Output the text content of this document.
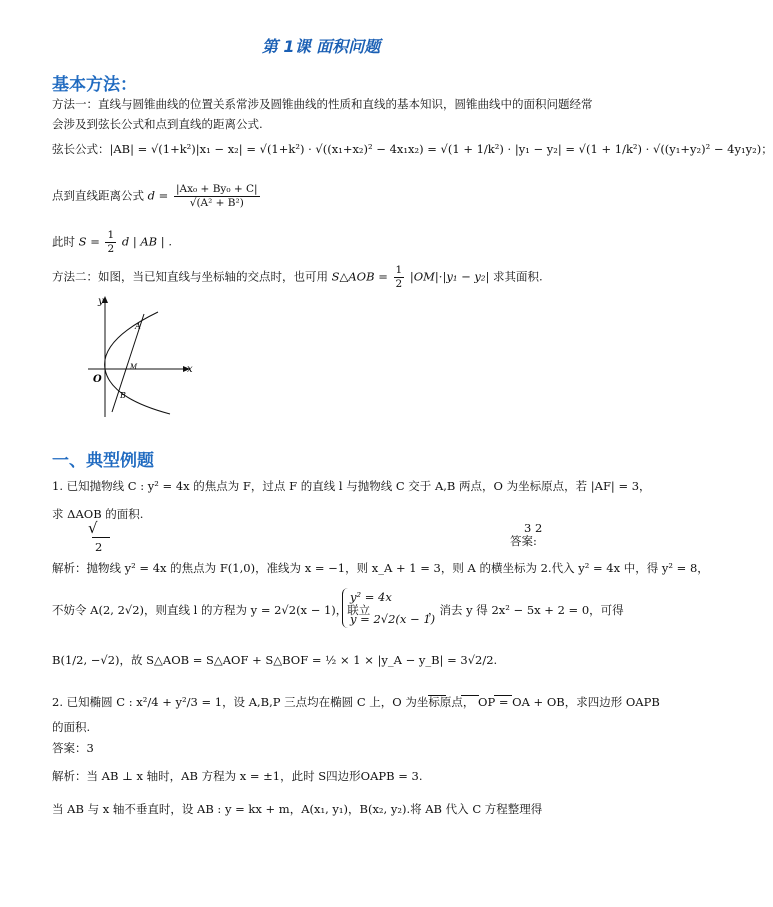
第 1课 面积问题
基本方法：
方法一：直线与圆锥曲线的位置关系常涉及圆锥曲线的性质和直线的基本知识，圆锥曲线中的面积问题经常
会涉及到弦长公式和点到直线的距离公式.
弦长公式：|AB| = √(1+k²)|x₁ − x₂| = √(1+k²) · √((x₁+x₂)² − 4x₁x₂) = √(1 + 1/k²) · |y₁ − y₂| = √(1 + 1/k²) · √((y₁+y₂)² − 4y₁y₂)；
点到直线距离公式 $d = \frac{\text{|Ax₀ + By₀ + C|}}{\text{√(A² + B²)}}$
此时 $S = \frac{1}{2}$ d | AB | .
方法二：如图，当已知直线与坐标轴的交点时，也可用 S△AOB = $\frac{1}{2} |OM|\cdot|y_1 - y_2|$ 求其面积.
y
x
O
A
M
B
一、典型例题
1. 已知抛物线 C : y² = 4x 的焦点为 F，过点 F 的直线 l 与抛物线 C 交于 A,B 两点，O 为坐标原点，若 |AF| = 3，
求 ΔAOB 的面积.
√
2
3 2
答案:
解析：抛物线 y² = 4x 的焦点为 F(1,0)，准线为 x = −1，则 x_A + 1 = 3，则 A 的横坐标为 2.代入 y² = 4x 中，得 y² = 8，
不妨令 A(2, 2√2)，则直线 l 的方程为 y = 2√2(x − 1)，联立
y² = 4x
y = 2√2(x − 1)
，消去 y 得 2x² − 5x + 2 = 0，可得
B(1/2, −√2)，故 S△AOB = S△AOF + S△BOF = ½ × 1 × |y_A − y_B| = 3√2/2.
2. 已知椭圆 C : x²/4 + y²/3 = 1，设 A,B,P 三点均在椭圆 C 上，O 为坐标原点， OP = OA + OB，求四边形 OAPB
的面积.
答案：3
解析：当 AB ⊥ x 轴时，AB 方程为 x = ±1，此时 S四边形OAPB = 3.
当 AB 与 x 轴不垂直时，设 AB : y = kx + m，A(x₁, y₁)，B(x₂, y₂).将 AB 代入 C 方程整理得
